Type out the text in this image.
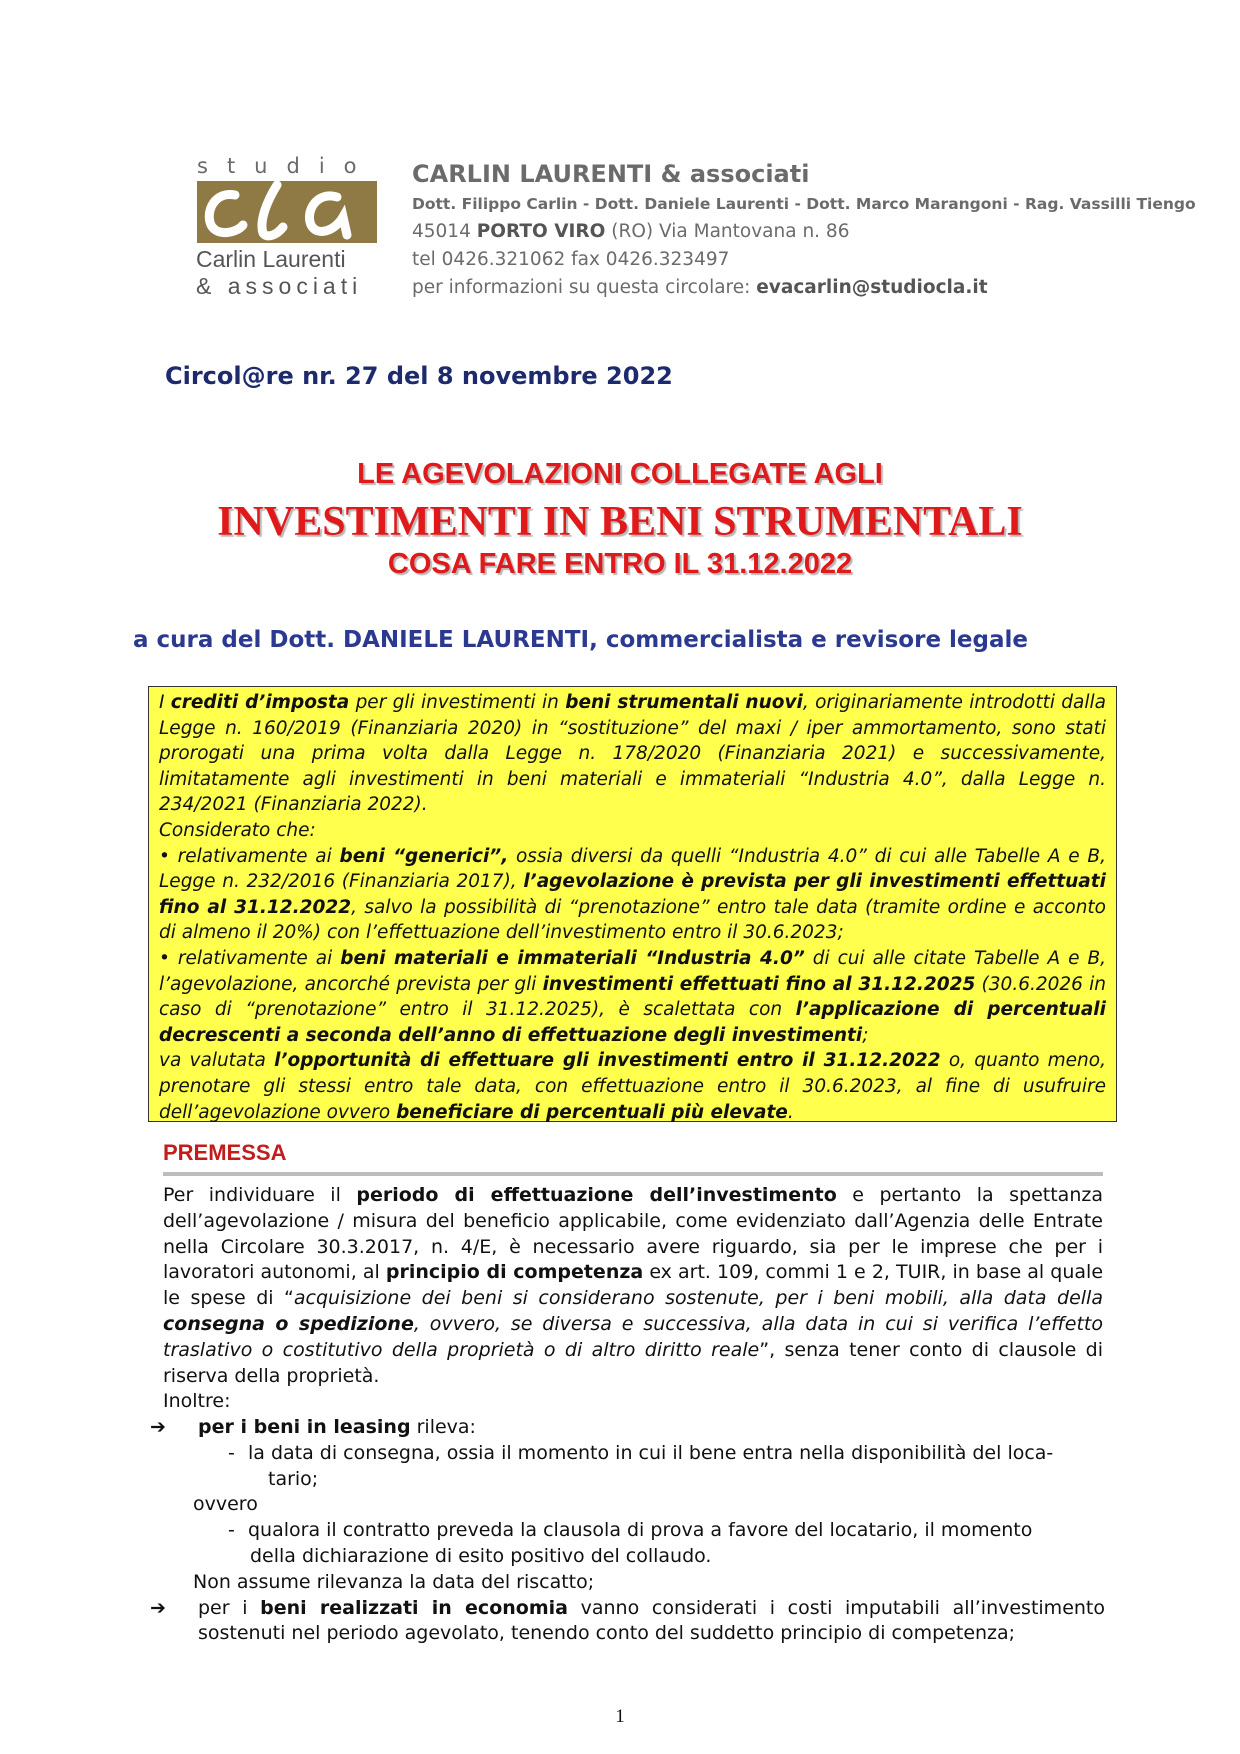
studio
Carlin Laurenti
& associati
CARLIN LAURENTI & associati
Dott. Filippo Carlin - Dott. Daniele Laurenti - Dott. Marco Marangoni - Rag. Vassilli Tiengo
45014 PORTO VIRO (RO) Via Mantovana n. 86
tel 0426.321062 fax 0426.323497
per informazioni su questa circolare: evacarlin@studiocla.it
Circol@re nr. 27 del 8 novembre 2022
LE AGEVOLAZIONI COLLEGATE AGLI
INVESTIMENTI IN BENI STRUMENTALI
COSA FARE ENTRO IL 31.12.2022
a cura del Dott. DANIELE LAURENTI, commercialista e revisore legale

I crediti d’imposta per gli investimenti in beni strumentali nuovi, originariamente introdotti dalla Legge n. 160/2019 (Finanziaria 2020) in “sostituzione” del maxi / iper ammortamento, sono stati prorogati una prima volta dalla Legge n. 178/2020 (Finanziaria 2021) e successivamente, limitatamente agli investimenti in beni materiali e immateriali “Industria 4.0”, dalla Legge n. 234/2021 (Finanziaria 2022).

Considerato che:

• relativamente ai beni “generici”, ossia diversi da quelli “Industria 4.0” di cui alle Tabelle A e B, Legge n. 232/2016 (Finanziaria 2017), l’agevolazione è prevista per gli investimenti effettuati fino al 31.12.2022, salvo la possibilità di “prenotazione” entro tale data (tramite ordine e acconto di almeno il 20%) con l’effettuazione dell’investimento entro il 30.6.2023;

• relativamente ai beni materiali e immateriali “Industria 4.0” di cui alle citate Tabelle A e B, l’agevolazione, ancorché prevista per gli investimenti effettuati fino al 31.12.2025 (30.6.2026 in caso di “prenotazione” entro il 31.12.2025), è scalettata con l’applicazione di percentuali decrescenti a seconda dell’anno di effettuazione degli investimenti;

va valutata l’opportunità di effettuare gli investimenti entro il 31.12.2022 o, quanto meno, prenotare gli stessi entro tale data, con effettuazione entro il 30.6.2023, al fine di usufruire dell’agevolazione ovvero beneficiare di percentuali più elevate.

PREMESSA

Per individuare il periodo di effettuazione dell’investimento e pertanto la spettanza dell’agevolazione / misura del beneficio applicabile, come evidenziato dall’Agenzia delle Entrate nella Circolare 30.3.2017, n. 4/E, è necessario avere riguardo, sia per le imprese che per i lavoratori autonomi, al principio di competenza ex art. 109, commi 1 e 2, TUIR, in base al quale le spese di “acquisizione dei beni si considerano sostenute, per i beni mobili, alla data della consegna o spedizione, ovvero, se diversa e successiva, alla data in cui si verifica l’effetto traslativo o costitutivo della proprietà o di altro diritto reale”, senza tener conto di clausole di riserva della proprietà.

Inoltre:

➔ per i beni in leasing rileva:
- la data di consegna, ossia il momento in cui il bene entra nella disponibilità del loca-
tario;
ovvero
- qualora il contratto preveda la clausola di prova a favore del locatario, il momento
della dichiarazione di esito positivo del collaudo.
Non assume rilevanza la data del riscatto;
➔ per i beni realizzati in economia vanno considerati i costi imputabili all’investimento sostenuti nel periodo agevolato, tenendo conto del suddetto principio di competenza;
1
